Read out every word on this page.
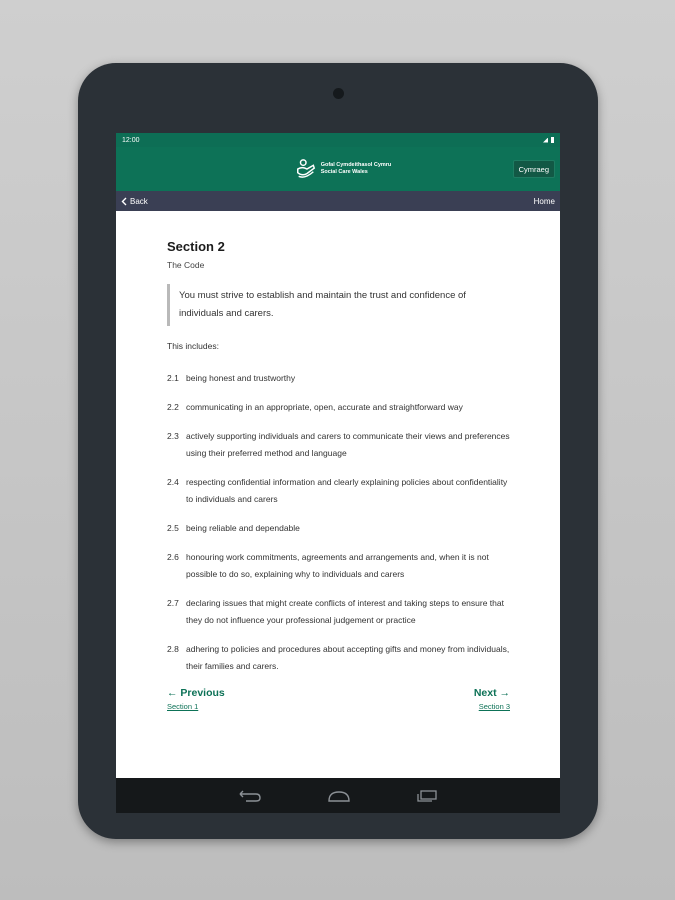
12:00
Gofal Cymdeithasol Cymru
Social Care Wales	Cymraeg
Back	Home
Section 2
The Code
You must strive to establish and maintain the trust and confidence of individuals and carers.
This includes:
2.1 being honest and trustworthy
2.2 communicating in an appropriate, open, accurate and straightforward way
2.3 actively supporting individuals and carers to communicate their views and preferences using their preferred method and language
2.4 respecting confidential information and clearly explaining policies about confidentiality to individuals and carers
2.5 being reliable and dependable
2.6 honouring work commitments, agreements and arrangements and, when it is not possible to do so, explaining why to individuals and carers
2.7 declaring issues that might create conflicts of interest and taking steps to ensure that they do not influence your professional judgement or practice
2.8 adhering to policies and procedures about accepting gifts and money from individuals, their families and carers.
← Previous
Section 1
Next →
Section 3
